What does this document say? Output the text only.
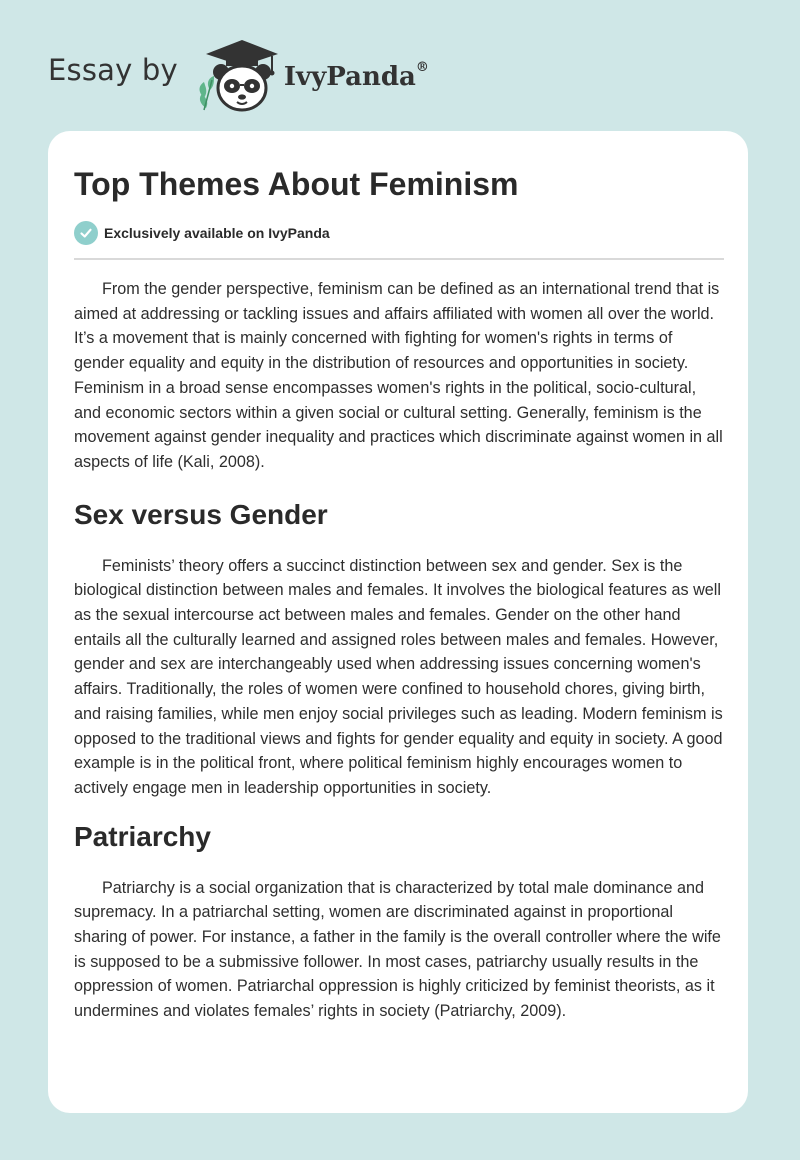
Essay by	IvyPanda®
Top Themes About Feminism
Exclusively available on IvyPanda

From the gender perspective, feminism can be defined as an international trend that is aimed at addressing or tackling issues and affairs affiliated with women all over the world. It’s a movement that is mainly concerned with fighting for women's rights in terms of gender equality and equity in the distribution of resources and opportunities in society. Feminism in a broad sense encompasses women's rights in the political, socio-cultural, and economic sectors within a given social or cultural setting. Generally, feminism is the movement against gender inequality and practices which discriminate against women in all aspects of life (Kali, 2008).

Sex versus Gender

Feminists’ theory offers a succinct distinction between sex and gender. Sex is the biological distinction between males and females. It involves the biological features as well as the sexual intercourse act between males and females. Gender on the other hand entails all the culturally learned and assigned roles between males and females. However, gender and sex are interchangeably used when addressing issues concerning women's affairs. Traditionally, the roles of women were confined to household chores, giving birth, and raising families, while men enjoy social privileges such as leading. Modern feminism is opposed to the traditional views and fights for gender equality and equity in society. A good example is in the political front, where political feminism highly encourages women to actively engage men in leadership opportunities in society.

Patriarchy

Patriarchy is a social organization that is characterized by total male dominance and supremacy. In a patriarchal setting, women are discriminated against in proportional sharing of power. For instance, a father in the family is the overall controller where the wife is supposed to be a submissive follower. In most cases, patriarchy usually results in the oppression of women. Patriarchal oppression is highly criticized by feminist theorists, as it undermines and violates females’ rights in society (Patriarchy, 2009).
